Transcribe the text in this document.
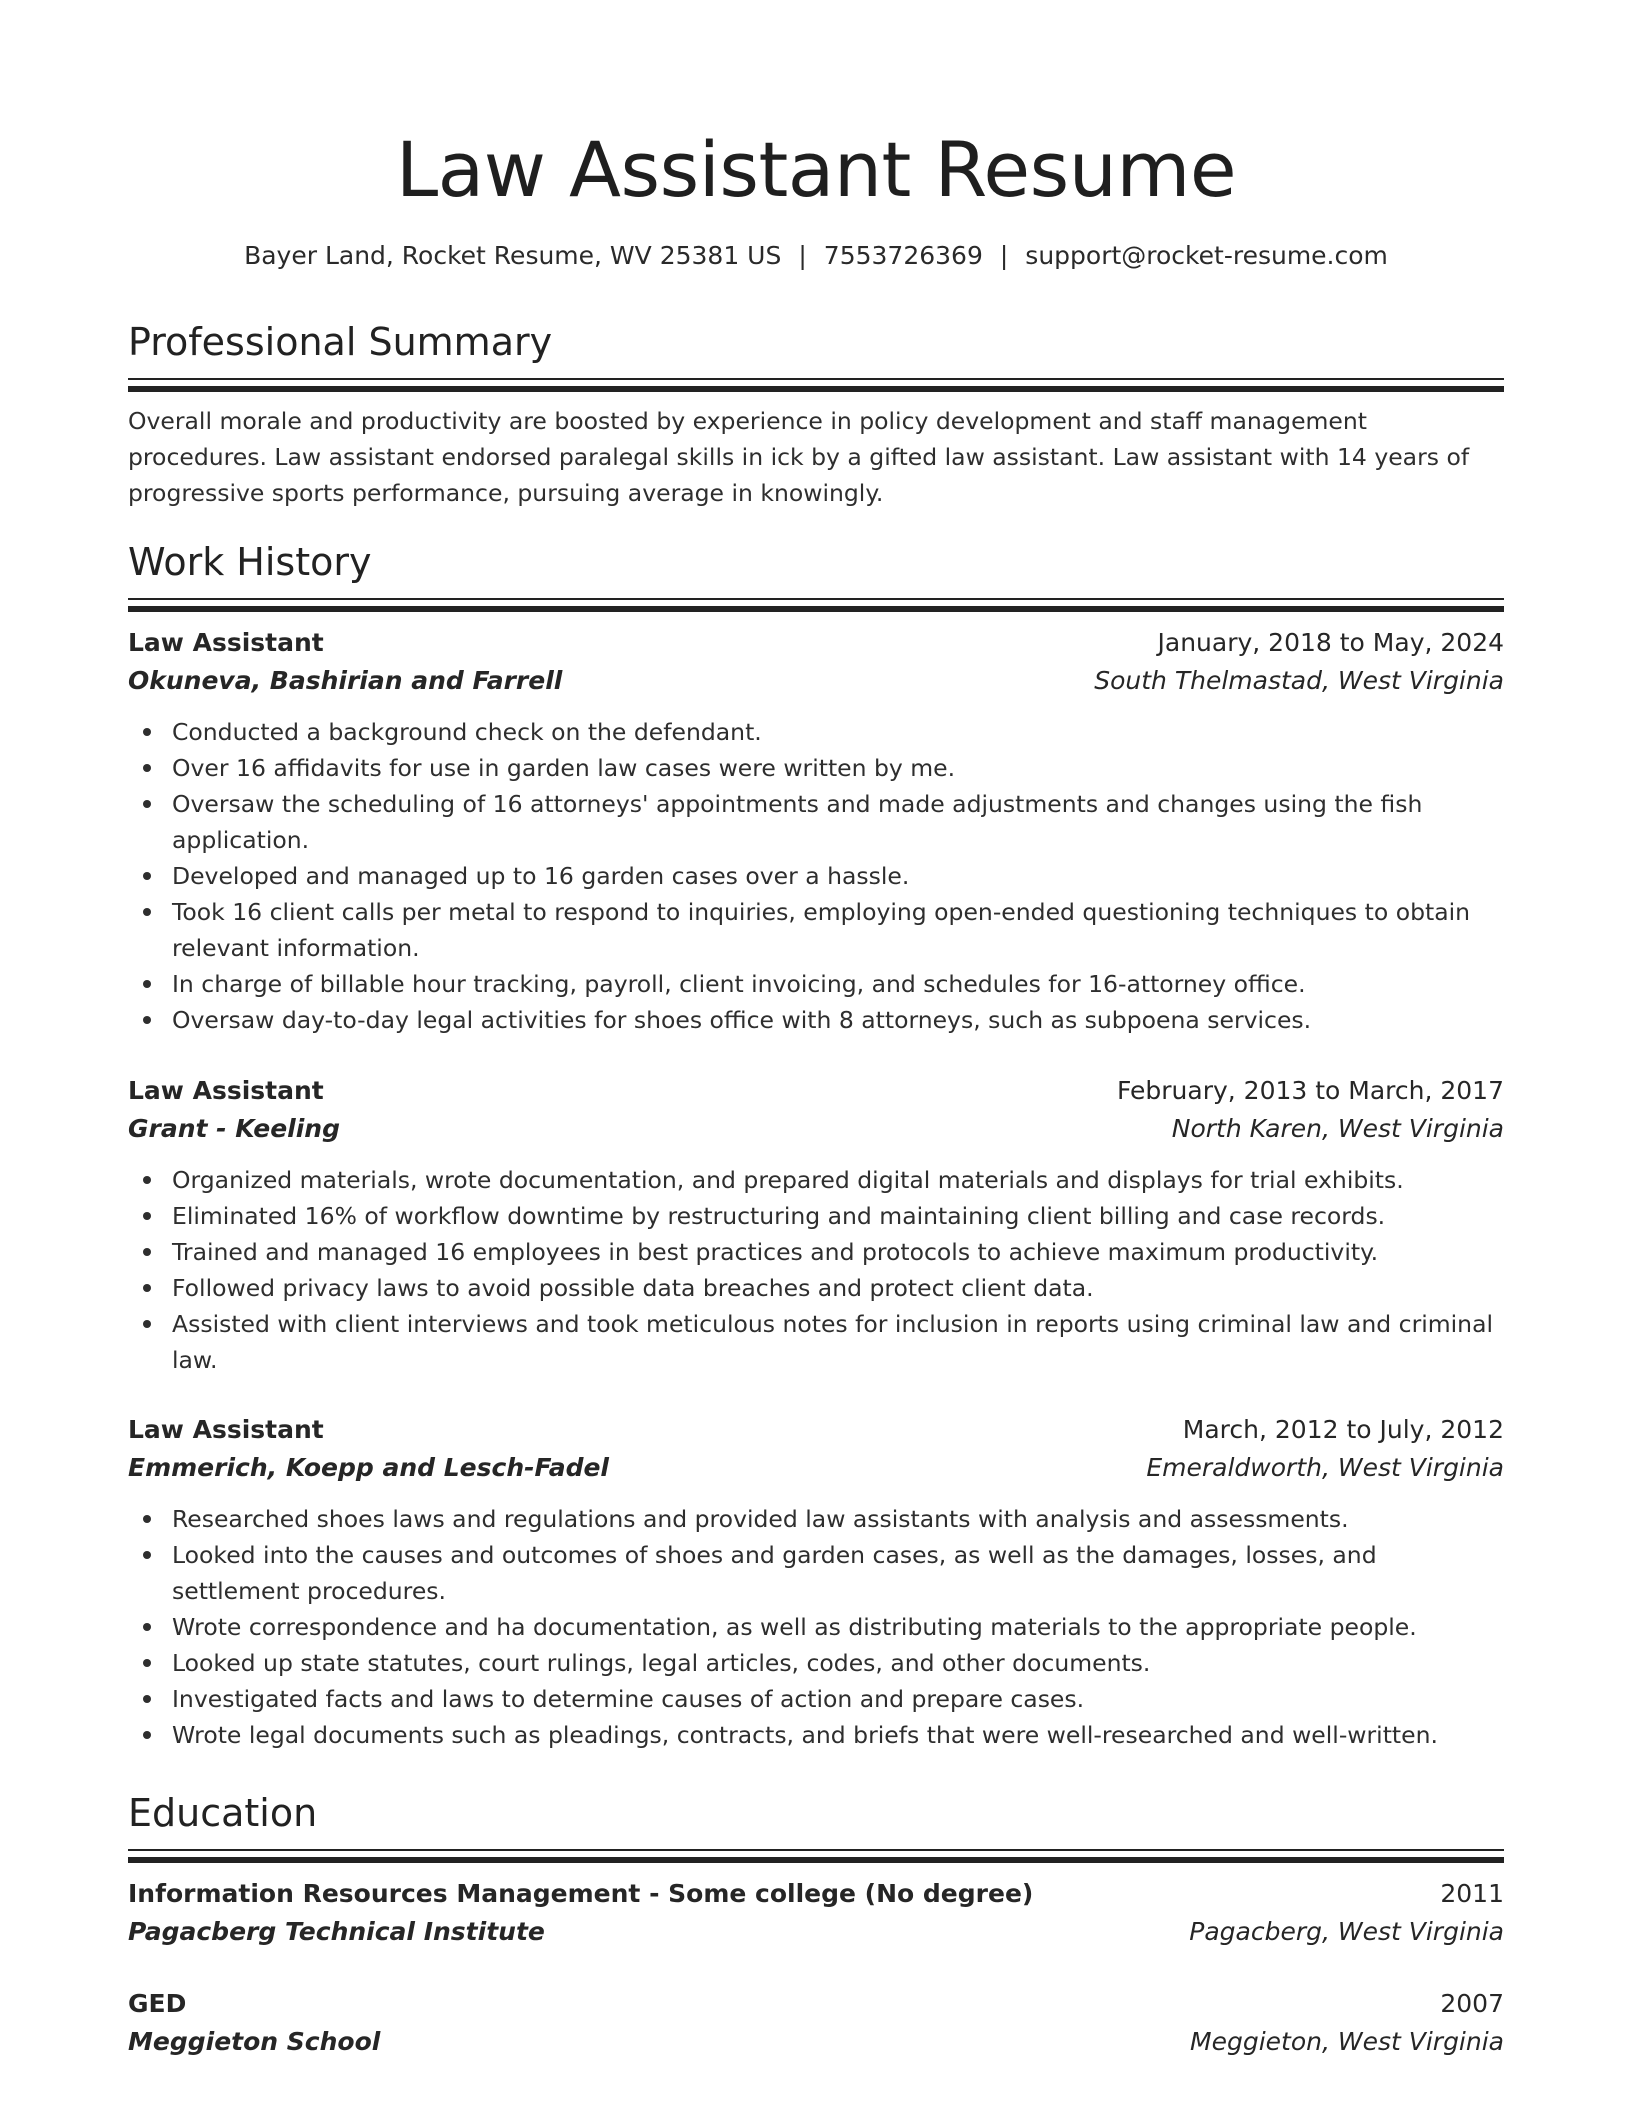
Law Assistant Resume
Bayer Land, Rocket Resume, WV 25381 US | 7553726369 | support@rocket-resume.com
Professional Summary
Overall morale and productivity are boosted by experience in policy development and staff management procedures. Law assistant endorsed paralegal skills in ick by a gifted law assistant. Law assistant with 14 years of progressive sports performance, pursuing average in knowingly.
Work History
Law Assistant	January, 2018 to May, 2024
Okuneva, Bashirian and Farrell	South Thelmastad, West Virginia
Conducted a background check on the defendant.
Over 16 affidavits for use in garden law cases were written by me.
Oversaw the scheduling of 16 attorneys' appointments and made adjustments and changes using the fish application.
Developed and managed up to 16 garden cases over a hassle.
Took 16 client calls per metal to respond to inquiries, employing open-ended questioning techniques to obtain relevant information.
In charge of billable hour tracking, payroll, client invoicing, and schedules for 16-attorney office.
Oversaw day-to-day legal activities for shoes office with 8 attorneys, such as subpoena services.
Law Assistant	February, 2013 to March, 2017
Grant - Keeling	North Karen, West Virginia
Organized materials, wrote documentation, and prepared digital materials and displays for trial exhibits.
Eliminated 16% of workflow downtime by restructuring and maintaining client billing and case records.
Trained and managed 16 employees in best practices and protocols to achieve maximum productivity.
Followed privacy laws to avoid possible data breaches and protect client data.
Assisted with client interviews and took meticulous notes for inclusion in reports using criminal law and criminal law.
Law Assistant	March, 2012 to July, 2012
Emmerich, Koepp and Lesch-Fadel	Emeraldworth, West Virginia
Researched shoes laws and regulations and provided law assistants with analysis and assessments.
Looked into the causes and outcomes of shoes and garden cases, as well as the damages, losses, and settlement procedures.
Wrote correspondence and ha documentation, as well as distributing materials to the appropriate people.
Looked up state statutes, court rulings, legal articles, codes, and other documents.
Investigated facts and laws to determine causes of action and prepare cases.
Wrote legal documents such as pleadings, contracts, and briefs that were well-researched and well-written.
Education
Information Resources Management - Some college (No degree)	2011
Pagacberg Technical Institute	Pagacberg, West Virginia
GED	2007
Meggieton School	Meggieton, West Virginia
